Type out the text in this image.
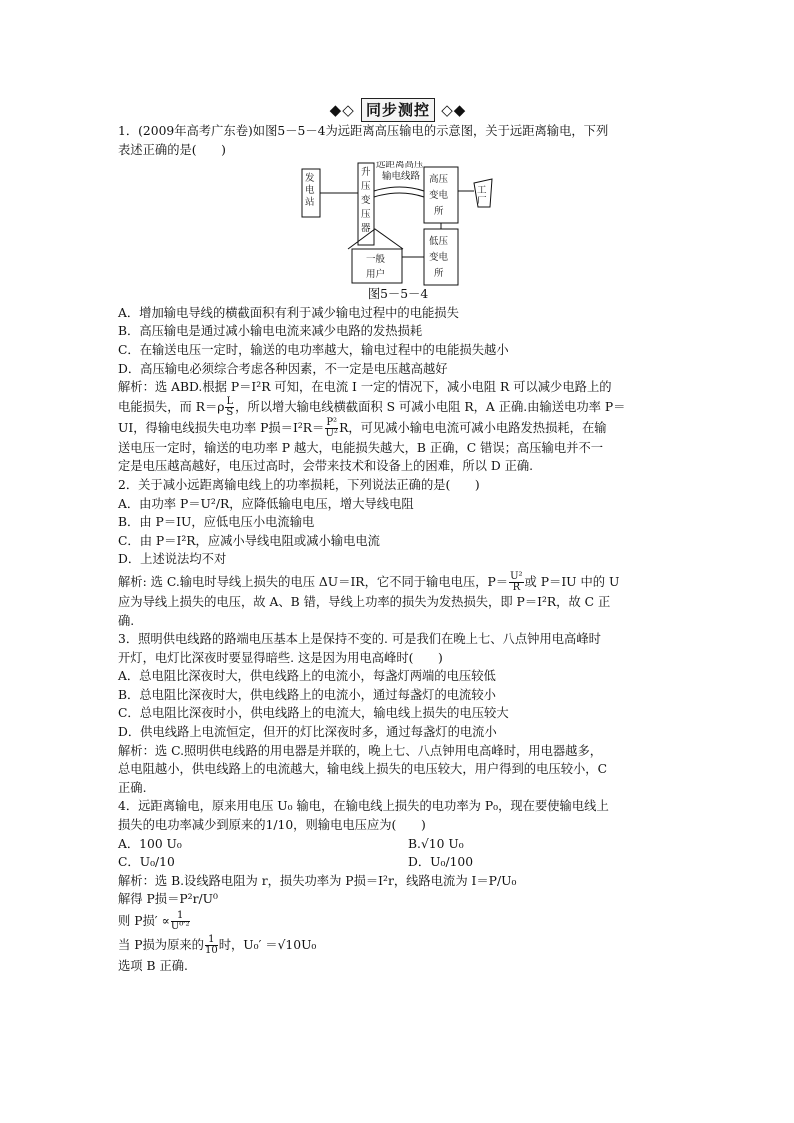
◆◇ 同步测控 ◇◆
1．(2009年高考广东卷)如图5－5－4为远距离高压输电的示意图，关于远距离输电，下列
表述正确的是(　　)
发
电
站
升
压
变
压
器
远距离高压
输电线路 高压
变电
所
工
厂
低压
变电
所
一般
用户
图5－5－4
A．增加输电导线的横截面积有利于减少输电过程中的电能损失
B．高压输电是通过减小输电电流来减少电路的发热损耗
C．在输送电压一定时，输送的电功率越大，输电过程中的电能损失越小
D．高压输电必须综合考虑各种因素，不一定是电压越高越好
解析：选 ABD.根据 P＝I²R 可知，在电流 I 一定的情况下，减小电阻 R 可以减少电路上的
电能损失，而 $R=\rho \frac{L}{S}$ ，所以增大输电线横截面积 S 可减小电阻 R，A 正确.由输送电功率 P＝
UI，得输电线损失电功率 P损$=I^2R= \frac{\text{P²}}{\text{U²}}$ R，可见减小输电电流可减小电路发热损耗，在输
送电压一定时，输送的电功率 P 越大，电能损失越大，B 正确，C 错误；高压输电并不一
定是电压越高越好，电压过高时，会带来技术和设备上的困难，所以 D 正确.
2．关于减小远距离输电线上的功率损耗，下列说法正确的是(　　)
A．由功率 P＝U²/R，应降低输电电压，增大导线电阻
B．由 P＝IU，应低电压小电流输电
C．由 P＝I²R，应减小导线电阻或减小输电电流
D．上述说法均不对
解析: 选 C.输电时导线上损失的电压 ΔU＝IR，它不同于输电电压，$P= \frac{\text{U²}}{R}$ 或 P＝IU 中的 U
应为导线上损失的电压，故 A、B 错，导线上功率的损失为发热损失，即 P＝I²R，故 C 正
确.
3．照明供电线路的路端电压基本上是保持不变的. 可是我们在晚上七、八点钟用电高峰时
开灯，电灯比深夜时要显得暗些. 这是因为用电高峰时(　　)
A．总电阻比深夜时大，供电线路上的电流小，每盏灯两端的电压较低
B．总电阻比深夜时大，供电线路上的电流小，通过每盏灯的电流较小
C．总电阻比深夜时小，供电线路上的电流大，输电线上损失的电压较大
D．供电线路上电流恒定，但开的灯比深夜时多，通过每盏灯的电流小
解析：选 C.照明供电线路的用电器是并联的，晚上七、八点钟用电高峰时，用电器越多，
总电阻越小，供电线路上的电流越大，输电线上损失的电压较大，用户得到的电压较小，C
正确.
4．远距离输电，原来用电压 U₀ 输电，在输电线上损失的电功率为 P₀，现在要使输电线上
损失的电功率减少到原来的1/10，则输电电压应为(　　)
A．100 U₀	B.√10 U₀
C．U₀/10	D．U₀/100
解析：选 B.设线路电阻为 r，损失功率为 P损＝I²r，线路电流为 I＝P/U₀
解得 P损＝P²r/U⁰
则 P损′ ∝ $\frac{1}{\text{U⁰′²}}$
当 P损为原来的 $\frac{1}{10}$ 时，U₀′ ＝√10U₀
选项 B 正确.
